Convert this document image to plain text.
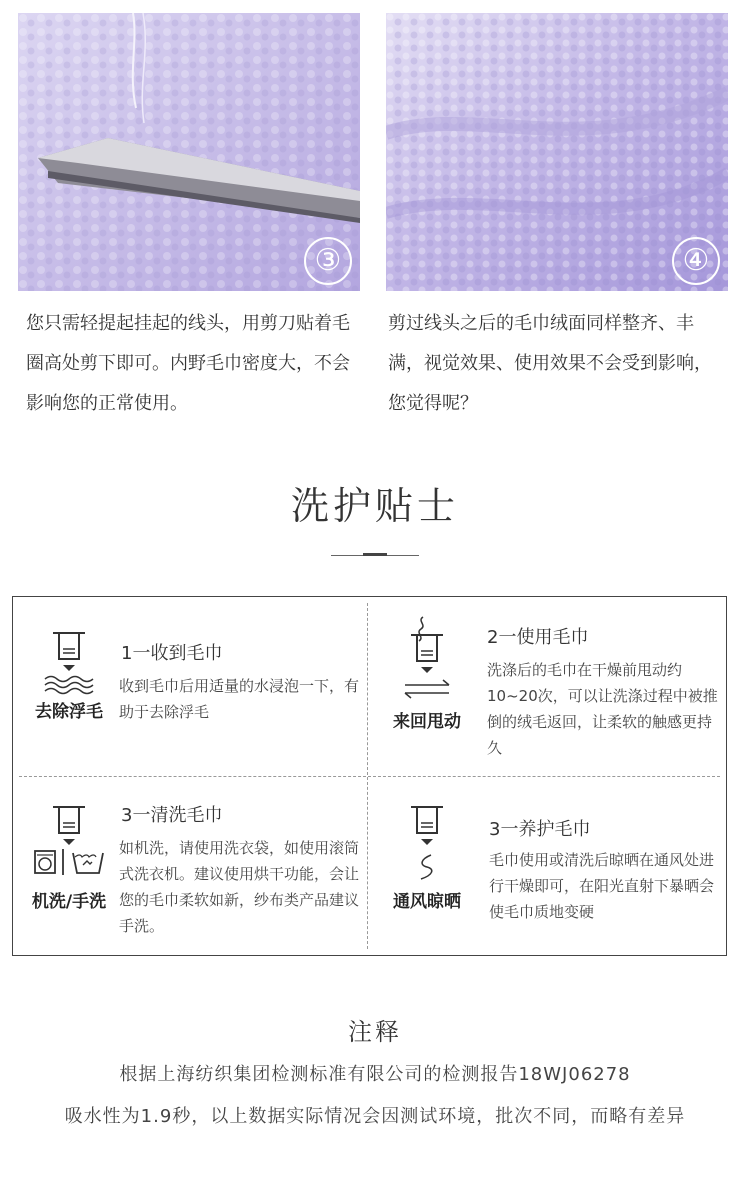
③	④
您只需轻提起挂起的线头，用剪刀贴着毛圈高处剪下即可。内野毛巾密度大，不会影响您的正常使用。
剪过线头之后的毛巾绒面同样整齐、丰满，视觉效果、使用效果不会受到影响，您觉得呢？
洗护贴士
去除浮毛
1一收到毛巾
收到毛巾后用适量的水浸泡一下，有助于去除浮毛	来回甩动
2一使用毛巾
洗涤后的毛巾在干燥前甩动约10~20次，可以让洗涤过程中被推倒的绒毛返回，让柔软的触感更持久
机洗/手洗
3一清洗毛巾
如机洗，请使用洗衣袋，如使用滚筒式洗衣机。建议使用烘干功能，会让您的毛巾柔软如新，纱布类产品建议手洗。
通风晾晒
3一养护毛巾
毛巾使用或清洗后晾晒在通风处进行干燥即可，在阳光直射下暴晒会使毛巾质地变硬
注释
根据上海纺织集团检测标准有限公司的检测报告18WJ06278
吸水性为1.9秒，以上数据实际情况会因测试环境，批次不同，而略有差异
